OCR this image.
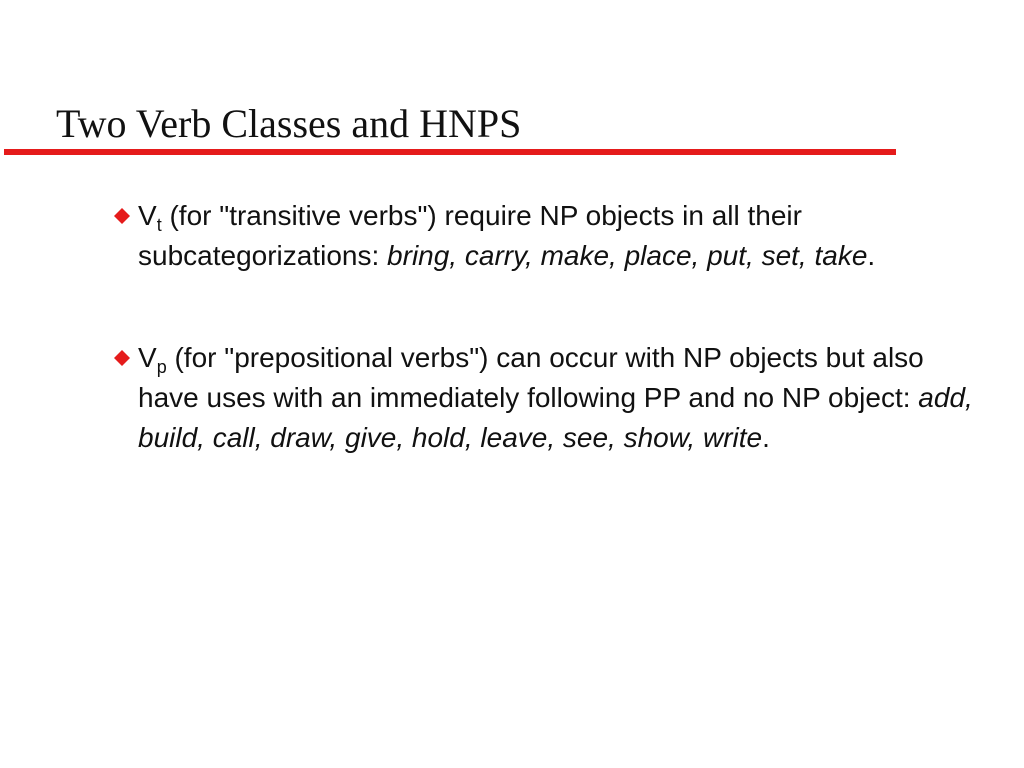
Two Verb Classes and HNPS
$V_t$ (for "transitive verbs") require NP objects in all their subcategorizations: bring, carry, make, place, put, set, take.
$V_p$ (for "prepositional verbs") can occur with NP objects but also have uses with an immediately following PP and no NP object: add, build, call, draw, give, hold, leave, see, show, write.
